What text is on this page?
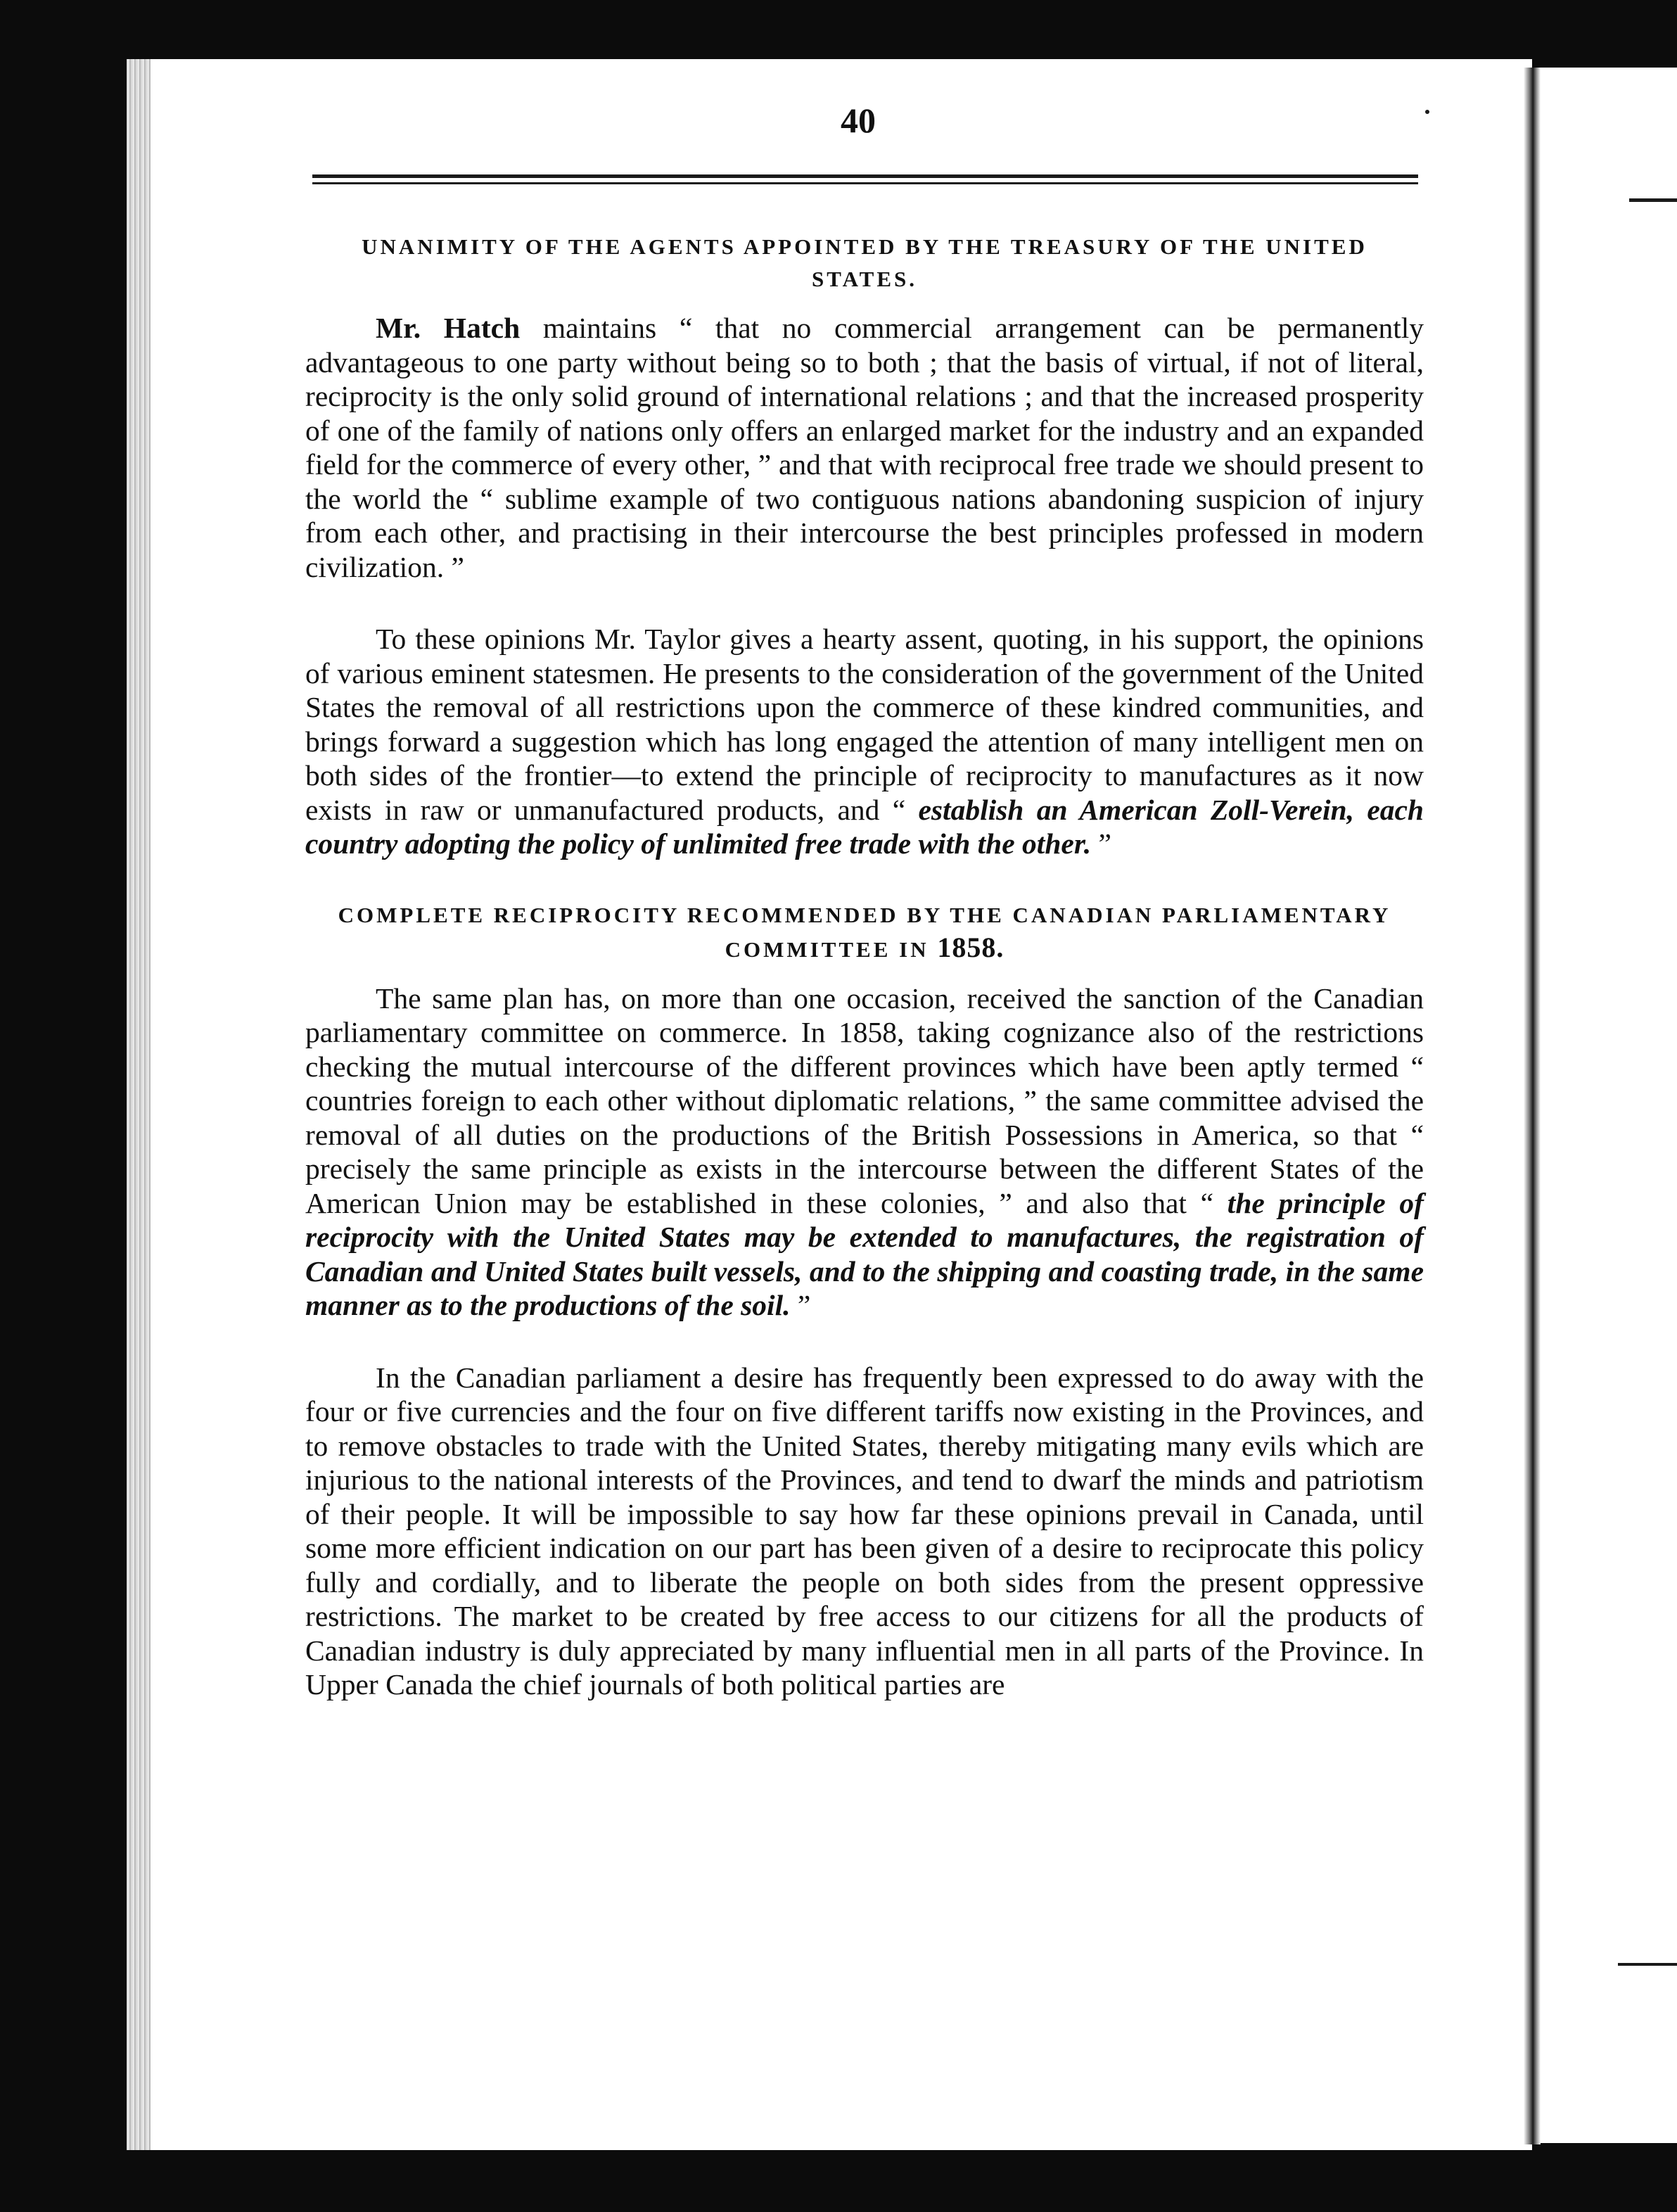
40

UNANIMITY OF THE AGENTS APPOINTED BY THE TREASURY OF THE UNITED STATES.

Mr. Hatch maintains “ that no commercial arrangement can be permanently advantageous to one party without being so to both ; that the basis of virtual, if not of literal, reciprocity is the only solid ground of international relations ; and that the increased prosperity of one of the family of nations only offers an enlarged market for the industry and an expanded field for the commerce of every other, ” and that with reciprocal free trade we should present to the world the “ sublime example of two contiguous nations abandoning suspicion of injury from each other, and practising in their intercourse the best principles professed in modern civilization. ”

To these opinions Mr. Taylor gives a hearty assent, quoting, in his support, the opinions of various eminent statesmen. He presents to the consideration of the government of the United States the removal of all restrictions upon the commerce of these kindred communities, and brings forward a suggestion which has long engaged the attention of many intelligent men on both sides of the frontier—to extend the principle of reciprocity to manufactures as it now exists in raw or unmanufactured products, and “ establish an American Zoll-Verein, each country adopting the policy of unlimited free trade with the other. ”

COMPLETE RECIPROCITY RECOMMENDED BY THE CANADIAN PARLIAMENTARY COMMITTEE IN 1858.

The same plan has, on more than one occasion, received the sanction of the Canadian parliamentary committee on commerce. In 1858, taking cognizance also of the restrictions checking the mutual intercourse of the different provinces which have been aptly termed “ countries foreign to each other without diplomatic relations, ” the same committee advised the removal of all duties on the productions of the British Possessions in America, so that “ precisely the same principle as exists in the intercourse between the different States of the American Union may be established in these colonies, ” and also that “ the principle of reciprocity with the United States may be extended to manufactures, the registration of Canadian and United States built vessels, and to the shipping and coasting trade, in the same manner as to the productions of the soil. ”

In the Canadian parliament a desire has frequently been expressed to do away with the four or five currencies and the four on five different tariffs now existing in the Provinces, and to remove obstacles to trade with the United States, thereby mitigating many evils which are injurious to the national interests of the Provinces, and tend to dwarf the minds and patriotism of their people. It will be impossible to say how far these opinions prevail in Canada, until some more efficient indication on our part has been given of a desire to reciprocate this policy fully and cordially, and to liberate the people on both sides from the present oppressive restrictions. The market to be created by free access to our citizens for all the products of Canadian industry is duly appreciated by many influential men in all parts of the Province. In Upper Canada the chief journals of both political parties are
